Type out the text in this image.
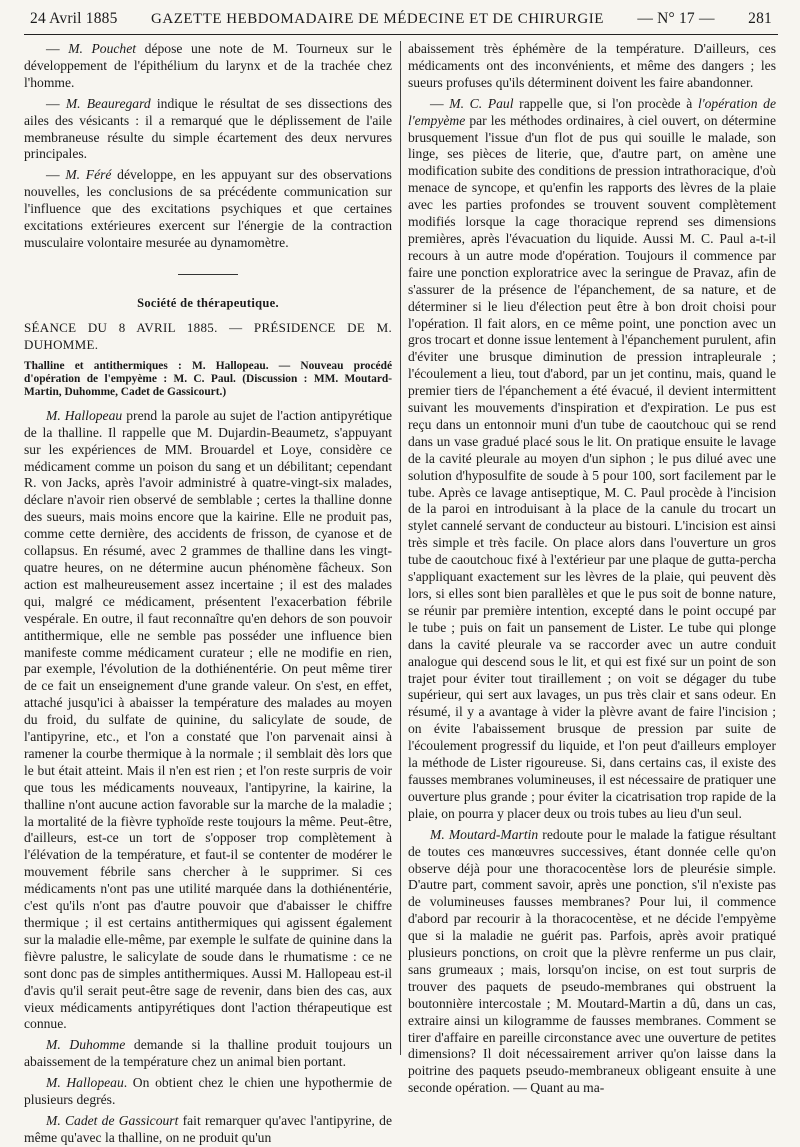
24 Avril 1885 GAZETTE HEBDOMADAIRE DE MÉDECINE ET DE CHIRURGIE — N° 17 — 281

— M. Pouchet dépose une note de M. Tourneux sur le développement de l'épithélium du larynx et de la trachée chez l'homme.

— M. Beauregard indique le résultat de ses dissections des ailes des vésicants : il a remarqué que le déplissement de l'aile membraneuse résulte du simple écartement des deux nervures principales.

— M. Féré développe, en les appuyant sur des observations nouvelles, les conclusions de sa précédente communication sur l'influence que des excitations psychiques et que certaines excitations extérieures exercent sur l'énergie de la contraction musculaire volontaire mesurée au dynamomètre.

Société de thérapeutique.

SÉANCE DU 8 AVRIL 1885. — PRÉSIDENCE DE M. DUHOMME.

Thalline et antithermiques : M. Hallopeau. — Nouveau procédé d'opération de l'empyème : M. C. Paul. (Discussion : MM. Moutard-Martin, Duhomme, Cadet de Gassicourt.)

M. Hallopeau prend la parole au sujet de l'action antipyrétique de la thalline. Il rappelle que M. Dujardin-Beaumetz, s'appuyant sur les expériences de MM. Brouardel et Loye, considère ce médicament comme un poison du sang et un débilitant; cependant R. von Jacks, après l'avoir administré à quatre-vingt-six malades, déclare n'avoir rien observé de semblable ; certes la thalline donne des sueurs, mais moins encore que la kairine. Elle ne produit pas, comme cette dernière, des accidents de frisson, de cyanose et de collapsus. En résumé, avec 2 grammes de thalline dans les vingt-quatre heures, on ne détermine aucun phénomène fâcheux. Son action est malheureusement assez incertaine ; il est des malades qui, malgré ce médicament, présentent l'exacerbation fébrile vespérale. En outre, il faut reconnaître qu'en dehors de son pouvoir antithermique, elle ne semble pas posséder une influence bien manifeste comme médicament curateur ; elle ne modifie en rien, par exemple, l'évolution de la dothiénentérie. On peut même tirer de ce fait un enseignement d'une grande valeur. On s'est, en effet, attaché jusqu'ici à abaisser la température des malades au moyen du froid, du sulfate de quinine, du salicylate de soude, de l'antipyrine, etc., et l'on a constaté que l'on parvenait ainsi à ramener la courbe thermique à la normale ; il semblait dès lors que le but était atteint. Mais il n'en est rien ; et l'on reste surpris de voir que tous les médicaments nouveaux, l'antipyrine, la kairine, la thalline n'ont aucune action favorable sur la marche de la maladie ; la mortalité de la fièvre typhoïde reste toujours la même. Peut-être, d'ailleurs, est-ce un tort de s'opposer trop complètement à l'élévation de la température, et faut-il se contenter de modérer le mouvement fébrile sans chercher à le supprimer. Si ces médicaments n'ont pas une utilité marquée dans la dothiénentérie, c'est qu'ils n'ont pas d'autre pouvoir que d'abaisser le chiffre thermique ; il est certains antithermiques qui agissent également sur la maladie elle-même, par exemple le sulfate de quinine dans la fièvre palustre, le salicylate de soude dans le rhumatisme : ce ne sont donc pas de simples antithermiques. Aussi M. Hallopeau est-il d'avis qu'il serait peut-être sage de revenir, dans bien des cas, aux vieux médicaments antipyrétiques dont l'action thérapeutique est connue.

M. Duhomme demande si la thalline produit toujours un abaissement de la température chez un animal bien portant.

M. Hallopeau. On obtient chez le chien une hypothermie de plusieurs degrés.

M. Cadet de Gassicourt fait remarquer qu'avec l'antipyrine, de même qu'avec la thalline, on ne produit qu'un

abaissement très éphémère de la température. D'ailleurs, ces médicaments ont des inconvénients, et même des dangers ; les sueurs profuses qu'ils déterminent doivent les faire abandonner.

— M. C. Paul rappelle que, si l'on procède à l'opération de l'empyème par les méthodes ordinaires, à ciel ouvert, on détermine brusquement l'issue d'un flot de pus qui souille le malade, son linge, ses pièces de literie, que, d'autre part, on amène une modification subite des conditions de pression intrathoracique, d'où menace de syncope, et qu'enfin les rapports des lèvres de la plaie avec les parties profondes se trouvent souvent complètement modifiés lorsque la cage thoracique reprend ses dimensions premières, après l'évacuation du liquide. Aussi M. C. Paul a-t-il recours à un autre mode d'opération. Toujours il commence par faire une ponction exploratrice avec la seringue de Pravaz, afin de s'assurer de la présence de l'épanchement, de sa nature, et de déterminer si le lieu d'élection peut être à bon droit choisi pour l'opération. Il fait alors, en ce même point, une ponction avec un gros trocart et donne issue lentement à l'épanchement purulent, afin d'éviter une brusque diminution de pression intrapleurale ; l'écoulement a lieu, tout d'abord, par un jet continu, mais, quand le premier tiers de l'épanchement a été évacué, il devient intermittent suivant les mouvements d'inspiration et d'expiration. Le pus est reçu dans un entonnoir muni d'un tube de caoutchouc qui se rend dans un vase gradué placé sous le lit. On pratique ensuite le lavage de la cavité pleurale au moyen d'un siphon ; le pus dilué avec une solution d'hyposulfite de soude à 5 pour 100, sort facilement par le tube. Après ce lavage antiseptique, M. C. Paul procède à l'incision de la paroi en introduisant à la place de la canule du trocart un stylet cannelé servant de conducteur au bistouri. L'incision est ainsi très simple et très facile. On place alors dans l'ouverture un gros tube de caoutchouc fixé à l'extérieur par une plaque de gutta-percha s'appliquant exactement sur les lèvres de la plaie, qui peuvent dès lors, si elles sont bien parallèles et que le pus soit de bonne nature, se réunir par première intention, excepté dans le point occupé par le tube ; puis on fait un pansement de Lister. Le tube qui plonge dans la cavité pleurale va se raccorder avec un autre conduit analogue qui descend sous le lit, et qui est fixé sur un point de son trajet pour éviter tout tiraillement ; on voit se dégager du tube supérieur, qui sert aux lavages, un pus très clair et sans odeur. En résumé, il y a avantage à vider la plèvre avant de faire l'incision ; on évite l'abaissement brusque de pression par suite de l'écoulement progressif du liquide, et l'on peut d'ailleurs employer la méthode de Lister rigoureuse. Si, dans certains cas, il existe des fausses membranes volumineuses, il est nécessaire de pratiquer une ouverture plus grande ; pour éviter la cicatrisation trop rapide de la plaie, on pourra y placer deux ou trois tubes au lieu d'un seul.

M. Moutard-Martin redoute pour le malade la fatigue résultant de toutes ces manœuvres successives, étant donnée celle qu'on observe déjà pour une thoracocentèse lors de pleurésie simple. D'autre part, comment savoir, après une ponction, s'il n'existe pas de volumineuses fausses membranes? Pour lui, il commence d'abord par recourir à la thoracocentèse, et ne décide l'empyème que si la maladie ne guérit pas. Parfois, après avoir pratiqué plusieurs ponctions, on croit que la plèvre renferme un pus clair, sans grumeaux ; mais, lorsqu'on incise, on est tout surpris de trouver des paquets de pseudo-membranes qui obstruent la boutonnière intercostale ; M. Moutard-Martin a dû, dans un cas, extraire ainsi un kilogramme de fausses membranes. Comment se tirer d'affaire en pareille circonstance avec une ouverture de petites dimensions? Il doit nécessairement arriver qu'on laisse dans la poitrine des paquets pseudo-membraneux obligeant ensuite à une seconde opération. — Quant au ma-
